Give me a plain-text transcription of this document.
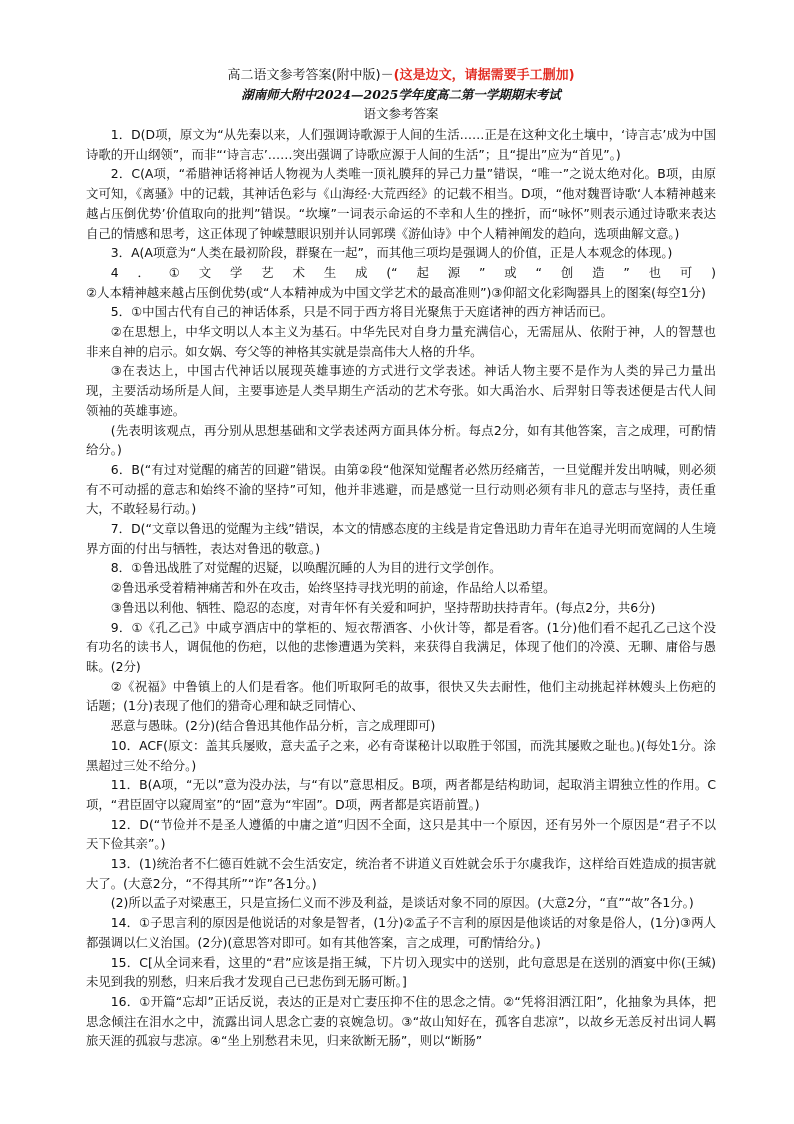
高二语文参考答案(附中版)－(这是边文，请据需要手工删加)
湖南师大附中2024—2025学年度高二第一学期期末考试
语文参考答案

1．D(D项，原文为“从先秦以来，人们强调诗歌源于人间的生活……正是在这种文化土壤中，‘诗言志’成为中国诗歌的开山纲领”，而非“‘诗言志’……突出强调了诗歌应源于人间的生活”；且“提出”应为“首见”。)

2．C(A项，“希腊神话将神话人物视为人类唯一顶礼膜拜的异己力量”错误，“唯一”之说太绝对化。B项，由原文可知，《离骚》中的记载，其神话色彩与《山海经·大荒西经》的记载不相当。D项，“他对魏晋诗歌‘人本精神越来越占压倒优势’价值取向的批判”错误。“坎壈”一词表示命运的不幸和人生的挫折，而“咏怀”则表示通过诗歌来表达自己的情感和思考，这正体现了钟嵘慧眼识别并认同郭璞《游仙诗》中个人精神阐发的趋向，选项曲解文意。)

3．A(A项意为“人类在最初阶段，群聚在一起”，而其他三项均是强调人的价值，正是人本观念的体现。)

4．①文学艺术生成(“起源”或“创造”也可)

②人本精神越来越占压倒优势(或“人本精神成为中国文学艺术的最高准则”)③仰韶文化彩陶器具上的图案(每空1分)

5．①中国古代有自己的神话体系，只是不同于西方将目光聚焦于天庭诸神的西方神话而已。

②在思想上，中华文明以人本主义为基石。中华先民对自身力量充满信心，无需屈从、依附于神，人的智慧也非来自神的启示。如女娲、夸父等的神格其实就是崇高伟大人格的升华。

③在表达上，中国古代神话以展现英雄事迹的方式进行文学表述。神话人物主要不是作为人类的异己力量出现，主要活动场所是人间，主要事迹是人类早期生产活动的艺术夸张。如大禹治水、后羿射日等表述便是古代人间领袖的英雄事迹。

(先表明该观点，再分别从思想基础和文学表述两方面具体分析。每点2分，如有其他答案，言之成理，可酌情给分。)

6．B(“有过对觉醒的痛苦的回避”错误。由第②段“他深知觉醒者必然历经痛苦，一旦觉醒并发出呐喊，则必须有不可动摇的意志和始终不渝的坚持”可知，他并非逃避，而是感觉一旦行动则必须有非凡的意志与坚持，责任重大，不敢轻易行动。)

7．D(“文章以鲁迅的觉醒为主线”错误，本文的情感态度的主线是肯定鲁迅助力青年在追寻光明而宽阔的人生境界方面的付出与牺牲，表达对鲁迅的敬意。)

8．①鲁迅战胜了对觉醒的迟疑，以唤醒沉睡的人为目的进行文学创作。

②鲁迅承受着精神痛苦和外在攻击，始终坚持寻找光明的前途，作品给人以希望。

③鲁迅以利他、牺牲、隐忍的态度，对青年怀有关爱和呵护，坚持帮助扶持青年。(每点2分，共6分)

9．①《孔乙己》中咸亨酒店中的掌柜的、短衣帮酒客、小伙计等，都是看客。(1分)他们看不起孔乙己这个没有功名的读书人，调侃他的伤疤，以他的悲惨遭遇为笑料，来获得自我满足，体现了他们的冷漠、无聊、庸俗与愚昧。(2分)

②《祝福》中鲁镇上的人们是看客。他们听取阿毛的故事，很快又失去耐性，他们主动挑起祥林嫂头上伤疤的话题；(1分)表现了他们的猎奇心理和缺乏同情心、

恶意与愚昧。(2分)(结合鲁迅其他作品分析，言之成理即可)

10．ACF(原文：盖其兵屡败，意夫孟子之来，必有奇谋秘计以取胜于邻国，而洗其屡败之耻也。)(每处1分。涂黑超过三处不给分。)

11．B(A项，“无以”意为没办法，与“有以”意思相反。B项，两者都是结构助词，起取消主谓独立性的作用。C项，“君臣固守以窥周室”的“固”意为“牢固”。D项，两者都是宾语前置。)

12．D(“节俭并不是圣人遵循的中庸之道”归因不全面，这只是其中一个原因，还有另外一个原因是“君子不以天下俭其亲”。)

13．(1)统治者不仁德百姓就不会生活安定，统治者不讲道义百姓就会乐于尔虞我诈，这样给百姓造成的损害就大了。(大意2分，“不得其所”“诈”各1分。)

(2)所以孟子对梁惠王，只是宣扬仁义而不涉及利益，是谈话对象不同的原因。(大意2分，“直”“故”各1分。)

14．①子思言利的原因是他说话的对象是智者，(1分)②孟子不言利的原因是他谈话的对象是俗人，(1分)③两人都强调以仁义治国。(2分)(意思答对即可。如有其他答案，言之成理，可酌情给分。)

15．C[从全词来看，这里的“君”应该是指王缄，下片切入现实中的送别，此句意思是在送别的酒宴中你(王缄)未见到我的别愁，归来后我才发现自己已悲伤到无肠可断。]

16．①开篇“忘却”正话反说，表达的正是对亡妻压抑不住的思念之情。②“凭将泪洒江阳”，化抽象为具体，把思念倾注在泪水之中，流露出词人思念亡妻的哀婉急切。③“故山知好在，孤客自悲凉”，以故乡无恙反衬出词人羁旅天涯的孤寂与悲凉。④“坐上别愁君未见，归来欲断无肠”，则以“断肠”
